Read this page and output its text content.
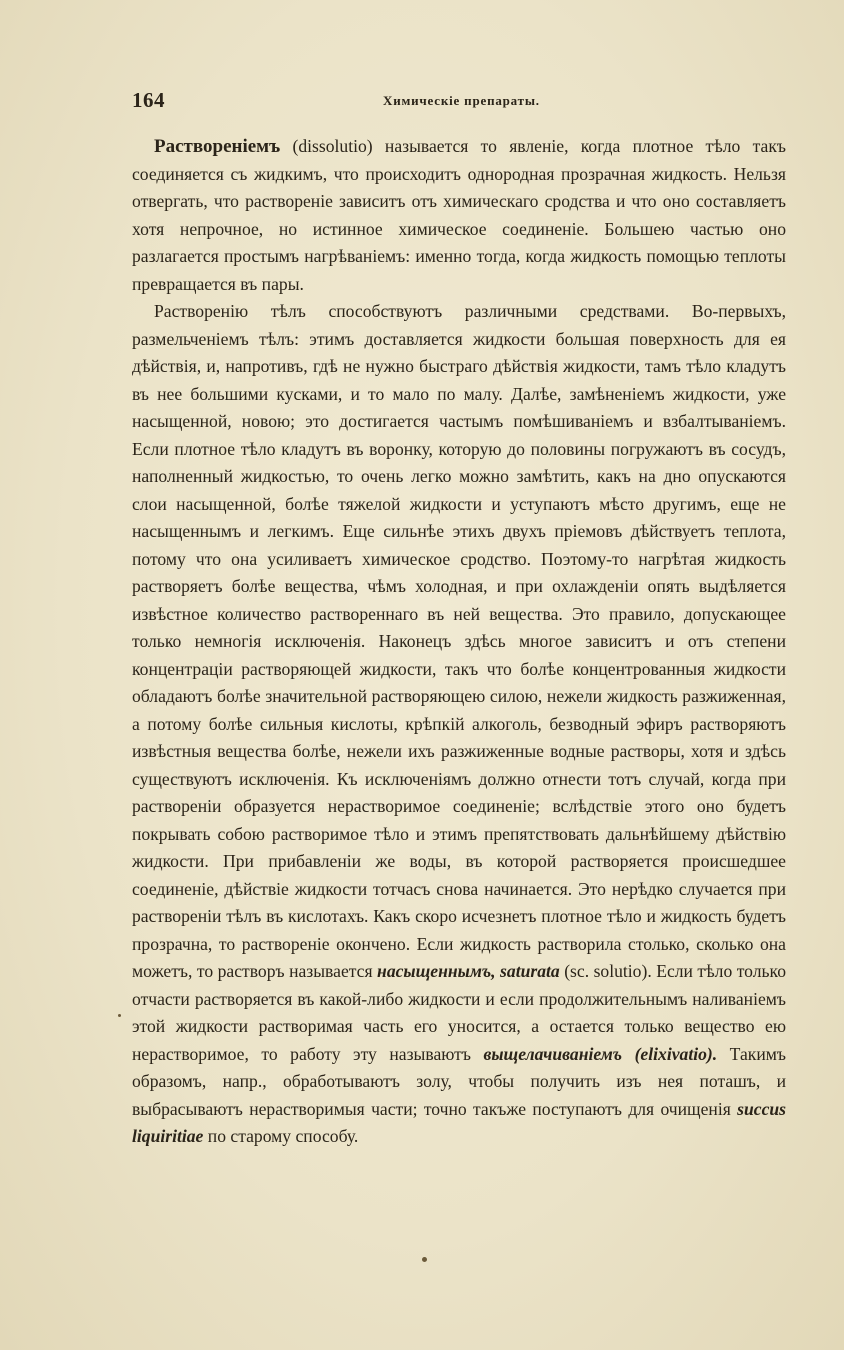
164	Химическіе препараты.

Раствореніемъ (dissolutio) называется то явленіе, когда плотное тѣло такъ соединяется съ жидкимъ, что происходитъ однородная прозрачная жидкость. Нельзя отвергать, что раствореніе зависитъ отъ химическаго сродства и что оно составляетъ хотя непрочное, но истинное химическое соединеніе. Большею частью оно разлагается простымъ нагрѣваніемъ: именно тогда, когда жидкость помощью теплоты превращается въ пары.

Растворенію тѣлъ способствуютъ различными средствами. Во-первыхъ, размельченіемъ тѣлъ: этимъ доставляется жидкости большая поверхность для ея дѣйствія, и, напротивъ, гдѣ не нужно быстраго дѣйствія жидкости, тамъ тѣло кладутъ въ нее большими кусками, и то мало по малу. Далѣе, замѣненіемъ жидкости, уже насыщенной, новою; это достигается частымъ помѣшиваніемъ и взбалтываніемъ. Если плотное тѣло кладутъ въ воронку, которую до половины погружаютъ въ сосудъ, наполненный жидкостью, то очень легко можно замѣтить, какъ на дно опускаются слои насыщенной, болѣе тяжелой жидкости и уступаютъ мѣсто другимъ, еще не насыщеннымъ и легкимъ. Еще сильнѣе этихъ двухъ пріемовъ дѣйствуетъ теплота, потому что она усиливаетъ химическое сродство. Поэтому-то нагрѣтая жидкость растворяетъ болѣе вещества, чѣмъ холодная, и при охлажденіи опять выдѣляется извѣстное количество раствореннаго въ ней вещества. Это правило, допускающее только немногія исключенія. Наконецъ здѣсь многое зависитъ и отъ степени концентраціи растворяющей жидкости, такъ что болѣе концентрованныя жидкости обладаютъ болѣе значительной растворяющею силою, нежели жидкость разжиженная, а потому болѣе сильныя кислоты, крѣпкій алкоголь, безводный эфиръ растворяютъ извѣстныя вещества болѣе, нежели ихъ разжиженные водные растворы, хотя и здѣсь существуютъ исключенія. Къ исключеніямъ должно отнести тотъ случай, когда при раствореніи образуется нерастворимое соединеніе; вслѣдствіе этого оно будетъ покрывать собою растворимое тѣло и этимъ препятствовать дальнѣйшему дѣйствію жидкости. При прибавленіи же воды, въ которой растворяется происшедшее соединеніе, дѣйствіе жидкости тотчасъ снова начинается. Это нерѣдко случается при раствореніи тѣлъ въ кислотахъ. Какъ скоро исчезнетъ плотное тѣло и жидкость будетъ прозрачна, то раствореніе окончено. Если жидкость растворила столько, сколько она можетъ, то растворъ называется насыщеннымъ, saturata (sc. solutio). Если тѣло только отчасти растворяется въ какой-либо жидкости и если продолжительнымъ наливаніемъ этой жидкости растворимая часть его уносится, а остается только вещество ею нерастворимое, то работу эту называютъ выщелачиваніемъ (elixivatio). Такимъ образомъ, напр., обработываютъ золу, чтобы получить изъ нея поташъ, и выбрасываютъ нерастворимыя части; точно такъже поступаютъ для очищенія succus liquiritiae по старому способу.
